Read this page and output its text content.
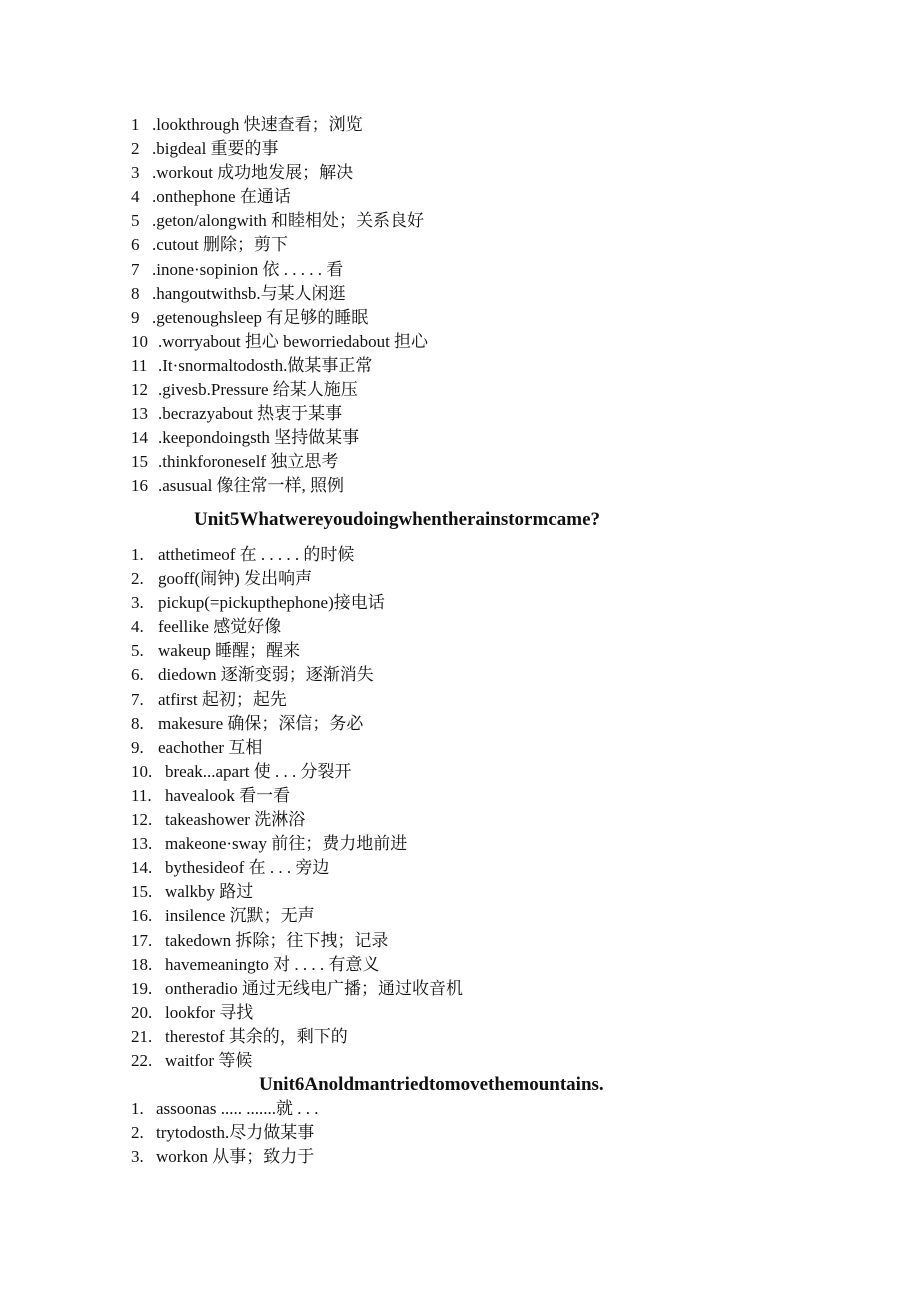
1 .lookthrough 快速查看；浏览
2 .bigdeal 重要的事
3 .workout 成功地发展；解决
4 .onthephone 在通话
5 .geton/alongwith 和睦相处；关系良好
6 .cutout 删除；剪下
7 .inone·sopinion 依 . . . . . 看
8 .hangoutwithsb.与某人闲逛
9 .getenoughsleep 有足够的睡眠
10 .worryabout 担心 beworriedabout 担心
11 .It·snormaltodosth.做某事正常
12 .givesb.Pressure 给某人施压
13 .becrazyabout 热衷于某事
14 .keepondoingsth 坚持做某事
15 .thinkforoneself 独立思考
16 .asusual 像往常一样, 照例
Unit5Whatwereyoudoingwhentherainstormcame?
1. atthetimeof 在 . . . . . 的时候
2. gooff(闹钟) 发出响声
3. pickup(=pickupthephone)接电话
4. feellike 感觉好像
5. wakeup 睡醒；醒来
6. diedown 逐渐变弱；逐渐消失
7. atfirst 起初；起先
8. makesure 确保；深信；务必
9. eachother 互相
10. break...apart 使 . . . 分裂开
11. havealook 看一看
12. takeashower 洗淋浴
13. makeone·sway 前往；费力地前进
14. bythesideof 在 . . . 旁边
15. walkby 路过
16. insilence 沉默；无声
17. takedown 拆除；往下拽；记录
18. havemeaningto 对 . . . . 有意义
19. ontheradio 通过无线电广播；通过收音机
20. lookfor 寻找
21. therestof 其余的，剩下的
22. waitfor 等候
Unit6Anoldmantriedtomovethemountains.
1. assoonas ..... .......就 . . .
2. trytodosth.尽力做某事
3. workon 从事；致力于
